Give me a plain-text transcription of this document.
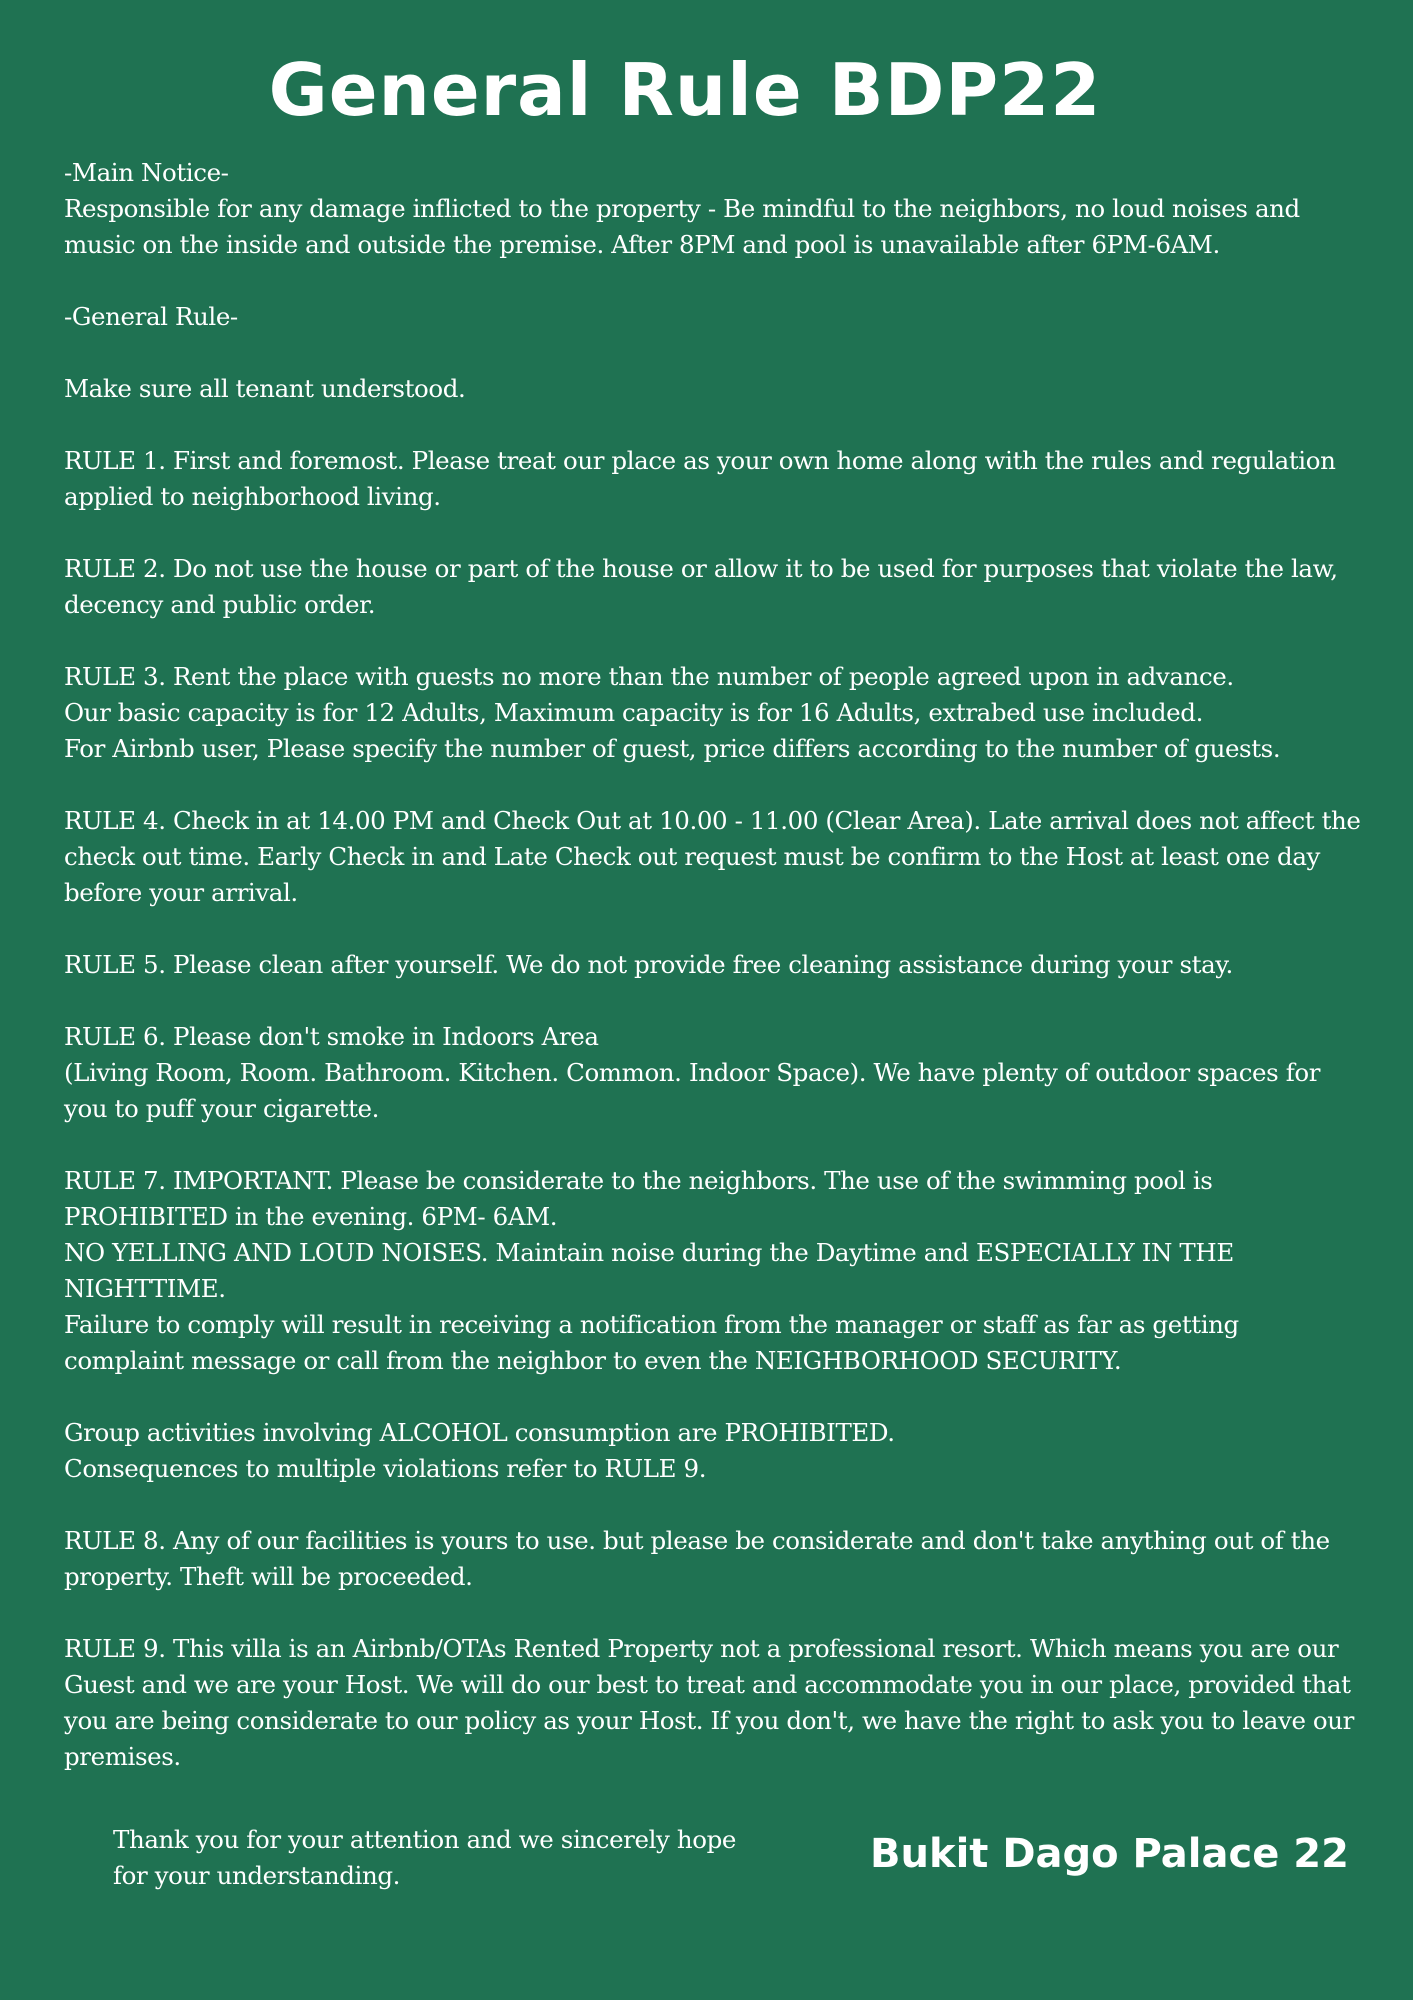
General Rule BDP22

-Main Notice-

Responsible for any damage inflicted to the property - Be mindful to the neighbors, no loud noises and music on the inside and outside the premise. After 8PM and pool is unavailable after 6PM-6AM.

-General Rule-

Make sure all tenant understood.

RULE 1. First and foremost. Please treat our place as your own home along with the rules and regulation applied to neighborhood living.

RULE 2. Do not use the house or part of the house or allow it to be used for purposes that violate the law, decency and public order.

RULE 3. Rent the place with guests no more than the number of people agreed upon in advance.

Our basic capacity is for 12 Adults, Maximum capacity is for 16 Adults, extrabed use included.

For Airbnb user, Please specify the number of guest, price differs according to the number of guests.

RULE 4. Check in at 14.00 PM and Check Out at 10.00 - 11.00 (Clear Area). Late arrival does not affect the check out time. Early Check in and Late Check out request must be confirm to the Host at least one day before your arrival.

RULE 5. Please clean after yourself. We do not provide free cleaning assistance during your stay.

RULE 6. Please don't smoke in Indoors Area

(Living Room, Room. Bathroom. Kitchen. Common. Indoor Space). We have plenty of outdoor spaces for you to puff your cigarette.

RULE 7. IMPORTANT. Please be considerate to the neighbors. The use of the swimming pool is PROHIBITED in the evening. 6PM- 6AM.

NO YELLING AND LOUD NOISES. Maintain noise during the Daytime and ESPECIALLY IN THE NIGHTTIME.

Failure to comply will result in receiving a notification from the manager or staff as far as getting complaint message or call from the neighbor to even the NEIGHBORHOOD SECURITY.

Group activities involving ALCOHOL consumption are PROHIBITED.

Consequences to multiple violations refer to RULE 9.

RULE 8. Any of our facilities is yours to use. but please be considerate and don't take anything out of the property. Theft will be proceeded.

RULE 9. This villa is an Airbnb/OTAs Rented Property not a professional resort. Which means you are our Guest and we are your Host. We will do our best to treat and accommodate you in our place, provided that you are being considerate to our policy as your Host. If you don't, we have the right to ask you to leave our premises.

Thank you for your attention and we sincerely hope for your understanding.	Bukit Dago Palace 22
